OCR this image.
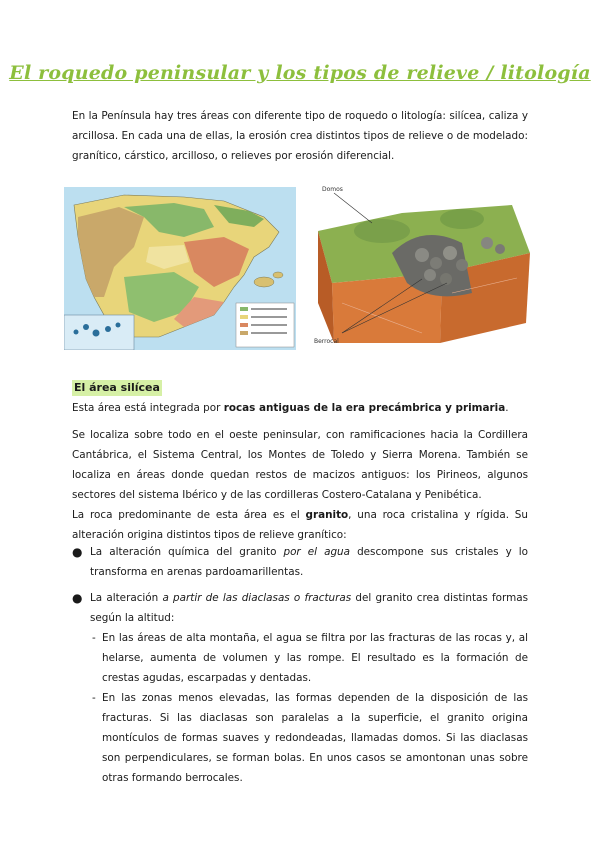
El roquedo peninsular y los tipos de relieve / litología
En la Península hay tres áreas con diferente tipo de roquedo o litología: silícea, caliza y arcillosa. En cada una de ellas, la erosión crea distintos tipos de relieve o de modelado: granítico, cárstico, arcilloso, o relieves por erosión diferencial.
Domos
Berrocal
El área silícea
Esta área está integrada por rocas antiguas de la era precámbrica y primaria.
Se localiza sobre todo en el oeste peninsular, con ramificaciones hacia la Cordillera Cantábrica, el Sistema Central, los Montes de Toledo y Sierra Morena. También se localiza en áreas donde quedan restos de macizos antiguos: los Pirineos, algunos sectores del sistema Ibérico y de las cordilleras Costero-Catalana y Penibética.
La roca predominante de esta área es el granito, una roca cristalina y rígida. Su alteración origina distintos tipos de relieve granítico:
● La alteración química del granito por el agua descompone sus cristales y lo transforma en arenas pardoamarillentas.
● La alteración a partir de las diaclasas o fracturas del granito crea distintas formas según la altitud:
- En las áreas de alta montaña, el agua se filtra por las fracturas de las rocas y, al helarse, aumenta de volumen y las rompe. El resultado es la formación de crestas agudas, escarpadas y dentadas.
- En las zonas menos elevadas, las formas dependen de la disposición de las fracturas. Si las diaclasas son paralelas a la superficie, el granito origina montículos de formas suaves y redondeadas, llamadas domos. Si las diaclasas son perpendiculares, se forman bolas. En unos casos se amontonan unas sobre otras formando berrocales.
